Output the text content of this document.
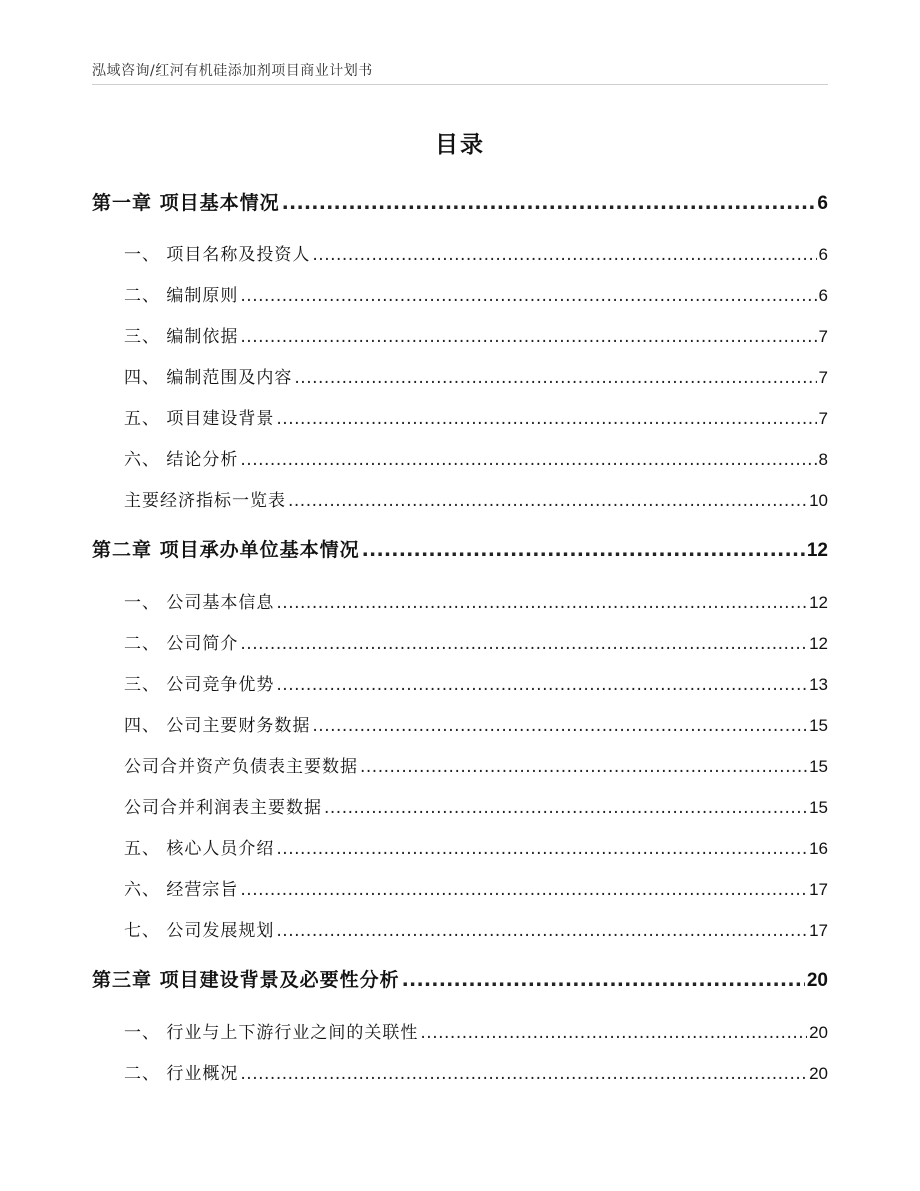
泓域咨询/红河有机硅添加剂项目商业计划书
目录
第一章 项目基本情况 .....	6
一、 项目名称及投资人 .....	6
二、 编制原则 .....	6
三、 编制依据 .....	7
四、 编制范围及内容 .....	7
五、 项目建设背景 .....	7
六、 结论分析 .....	8
主要经济指标一览表 .....	10
第二章 项目承办单位基本情况 .....	12
一、 公司基本信息 .....	12
二、 公司简介 .....	12
三、 公司竞争优势 .....	13
四、 公司主要财务数据 .....	15
公司合并资产负债表主要数据 .....	15
公司合并利润表主要数据 .....	15
五、 核心人员介绍 .....	16
六、 经营宗旨 .....	17
七、 公司发展规划 .....	17
第三章 项目建设背景及必要性分析 .....	20
一、 行业与上下游行业之间的关联性 .....	20
二、 行业概况 .....	20
